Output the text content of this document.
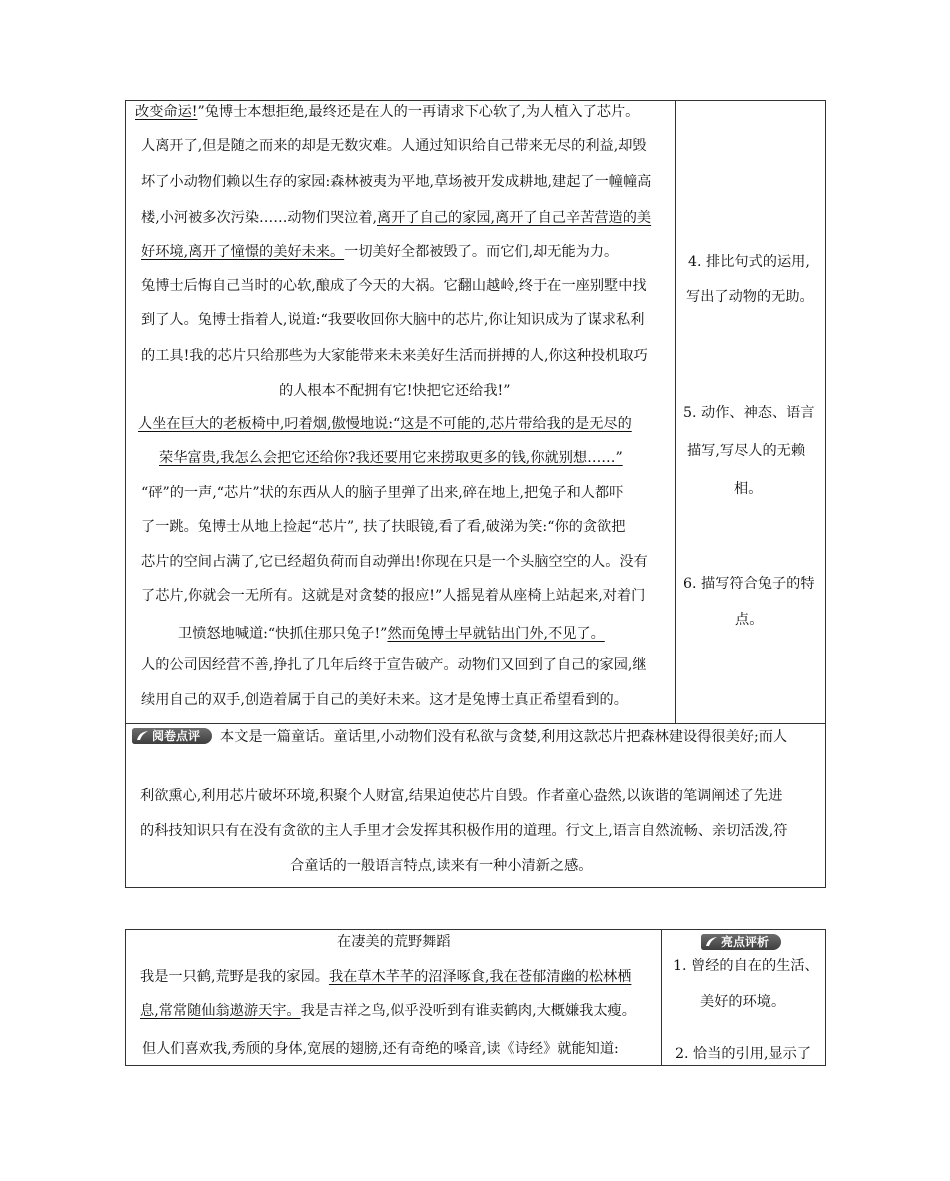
改变命运!”兔博士本想拒绝,最终还是在人的一再请求下心软了,为人植入了芯片。
人离开了,但是随之而来的却是无数灾难。人通过知识给自己带来无尽的利益,却毁
坏了小动物们赖以生存的家园:森林被夷为平地,草场被开发成耕地,建起了一幢幢高
楼,小河被多次污染……动物们哭泣着,离开了自己的家园,离开了自己辛苦营造的美
好环境,离开了憧憬的美好未来。一切美好全都被毁了。而它们,却无能为力。
兔博士后悔自己当时的心软,酿成了今天的大祸。它翻山越岭,终于在一座别墅中找
到了人。兔博士指着人,说道:“我要收回你大脑中的芯片,你让知识成为了谋求私利
的工具!我的芯片只给那些为大家能带来未来美好生活而拼搏的人,你这种投机取巧
的人根本不配拥有它!快把它还给我!”
人坐在巨大的老板椅中,叼着烟,傲慢地说:“这是不可能的,芯片带给我的是无尽的
荣华富贵,我怎么会把它还给你?我还要用它来捞取更多的钱,你就别想……”
“砰”的一声,“芯片”状的东西从人的脑子里弹了出来,碎在地上,把兔子和人都吓
了一跳。兔博士从地上捡起“芯片”, 扶了扶眼镜,看了看,破涕为笑:“你的贪欲把
芯片的空间占满了,它已经超负荷而自动弹出!你现在只是一个头脑空空的人。没有
了芯片,你就会一无所有。这就是对贪婪的报应!”人摇晃着从座椅上站起来,对着门
卫愤怒地喊道:“快抓住那只兔子!”然而兔博士早就钻出门外,不见了。
人的公司因经营不善,挣扎了几年后终于宣告破产。动物们又回到了自己的家园,继
续用自己的双手,创造着属于自己的美好未来。这才是兔博士真正希望看到的。
4. 排比句式的运用,
写出了动物的无助。
5. 动作、神态、语言
描写,写尽人的无赖
相。
6. 描写符合兔子的特
点。
阅卷点评	本文是一篇童话。童话里,小动物们没有私欲与贪婪,利用这款芯片把森林建设得很美好;而人
利欲熏心,利用芯片破坏环境,积聚个人财富,结果迫使芯片自毁。作者童心盎然,以诙谐的笔调阐述了先进
的科技知识只有在没有贪欲的主人手里才会发挥其积极作用的道理。行文上,语言自然流畅、亲切活泼,符
合童话的一般语言特点,读来有一种小清新之感。
在凄美的荒野舞蹈
我是一只鹤,荒野是我的家园。我在草木芊芊的沼泽啄食,我在苍郁清幽的松林栖
息,常常随仙翁遨游天宇。我是吉祥之鸟,似乎没听到有谁卖鹤肉,大概嫌我太瘦。
但人们喜欢我,秀颀的身体,宽展的翅膀,还有奇绝的嗓音,读《诗经》就能知道:
亮点评析
1. 曾经的自在的生活、
美好的环境。
2. 恰当的引用,显示了
